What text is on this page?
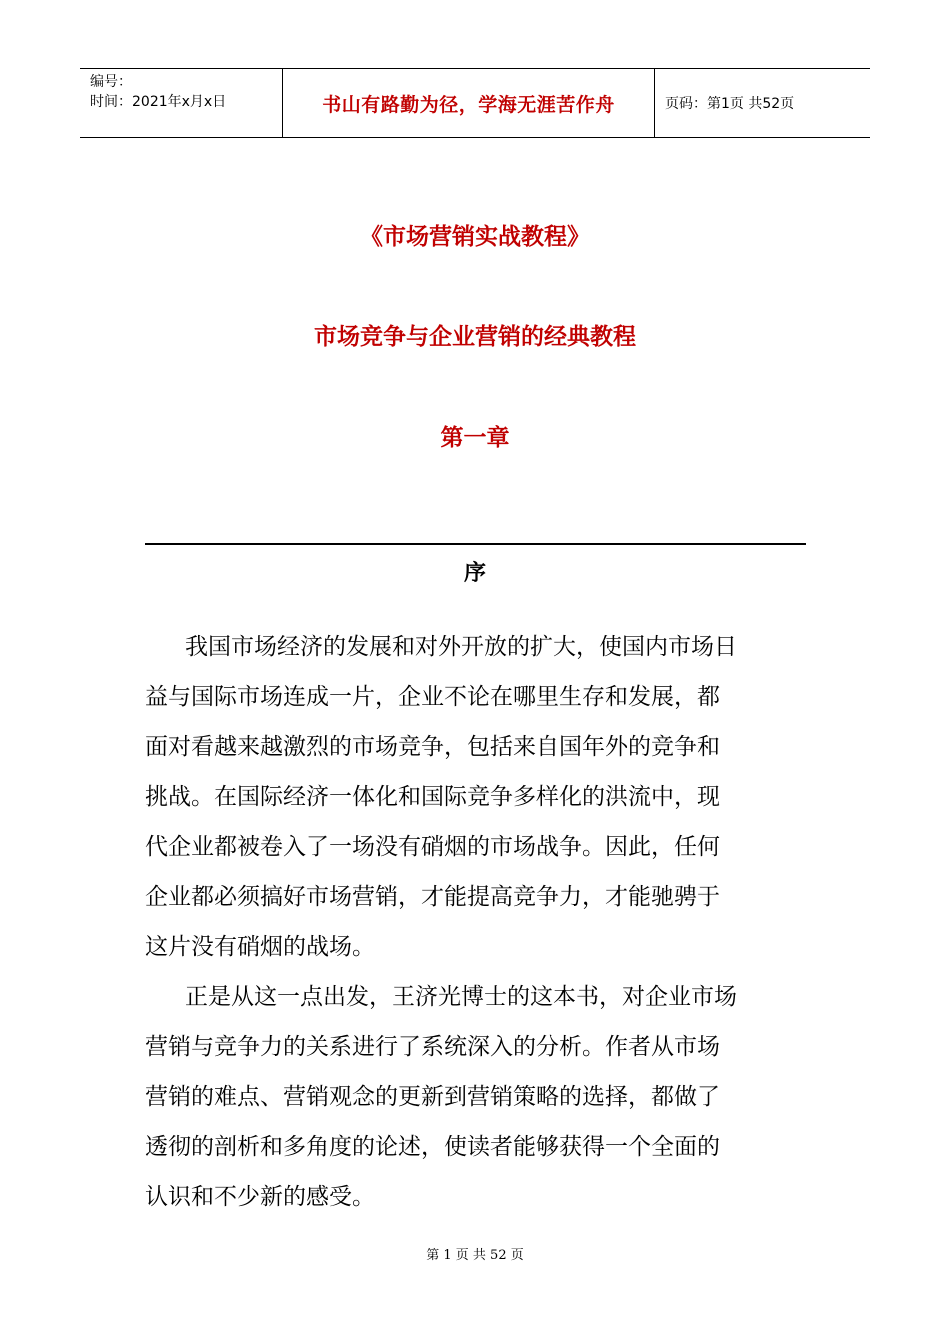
编号：
时间：2021年x月x日	书山有路勤为径，学海无涯苦作舟	页码：第1页 共52页
《市场营销实战教程》
市场竞争与企业营销的经典教程
第一章
序
我国市场经济的发展和对外开放的扩大，使国内市场日
益与国际市场连成一片，企业不论在哪里生存和发展，都
面对看越来越激烈的市场竞争，包括来自国年外的竞争和
挑战。在国际经济一体化和国际竞争多样化的洪流中，现
代企业都被卷入了一场没有硝烟的市场战争。因此，任何
企业都必须搞好市场营销，才能提高竞争力，才能驰骋于
这片没有硝烟的战场。
正是从这一点出发，王济光博士的这本书，对企业市场
营销与竞争力的关系进行了系统深入的分析。作者从市场
营销的难点、营销观念的更新到营销策略的选择，都做了
透彻的剖析和多角度的论述，使读者能够获得一个全面的
认识和不少新的感受。
第 1 页 共 52 页
